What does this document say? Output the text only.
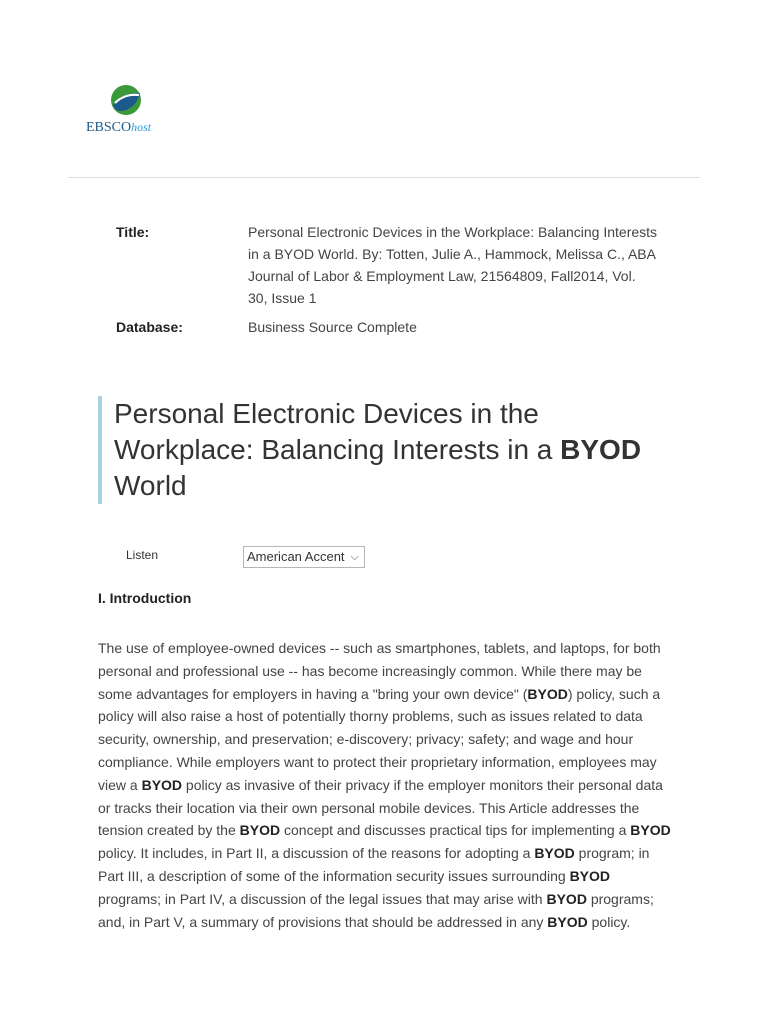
EBSCOhost
Title:	Personal Electronic Devices in the Workplace: Balancing Interests in a BYOD World. By: Totten, Julie A., Hammock, Melissa C., ABA Journal of Labor & Employment Law, 21564809, Fall2014, Vol. 30, Issue 1
Database:	Business Source Complete
Personal Electronic Devices in the Workplace: Balancing Interests in a BYOD
World
Listen	American Accent ⌵
I. Introduction

The use of employee-owned devices -- such as smartphones, tablets, and laptops, for both personal and professional use -- has become increasingly common. While there may be some advantages for employers in having a "bring your own device" (BYOD) policy, such a policy will also raise a host of potentially thorny problems, such as issues related to data security, ownership, and preservation; e-discovery; privacy; safety; and wage and hour compliance. While employers want to protect their proprietary information, employees may view a BYOD policy as invasive of their privacy if the employer monitors their personal data or tracks their location via their own personal mobile devices. This Article addresses the tension created by the BYOD concept and discusses practical tips for implementing a BYOD policy. It includes, in Part II, a discussion of the reasons for adopting a BYOD program; in Part III, a description of some of the information security issues surrounding BYOD programs; in Part IV, a discussion of the legal issues that may arise with BYOD programs; and, in Part V, a summary of provisions that should be addressed in any BYOD policy.
